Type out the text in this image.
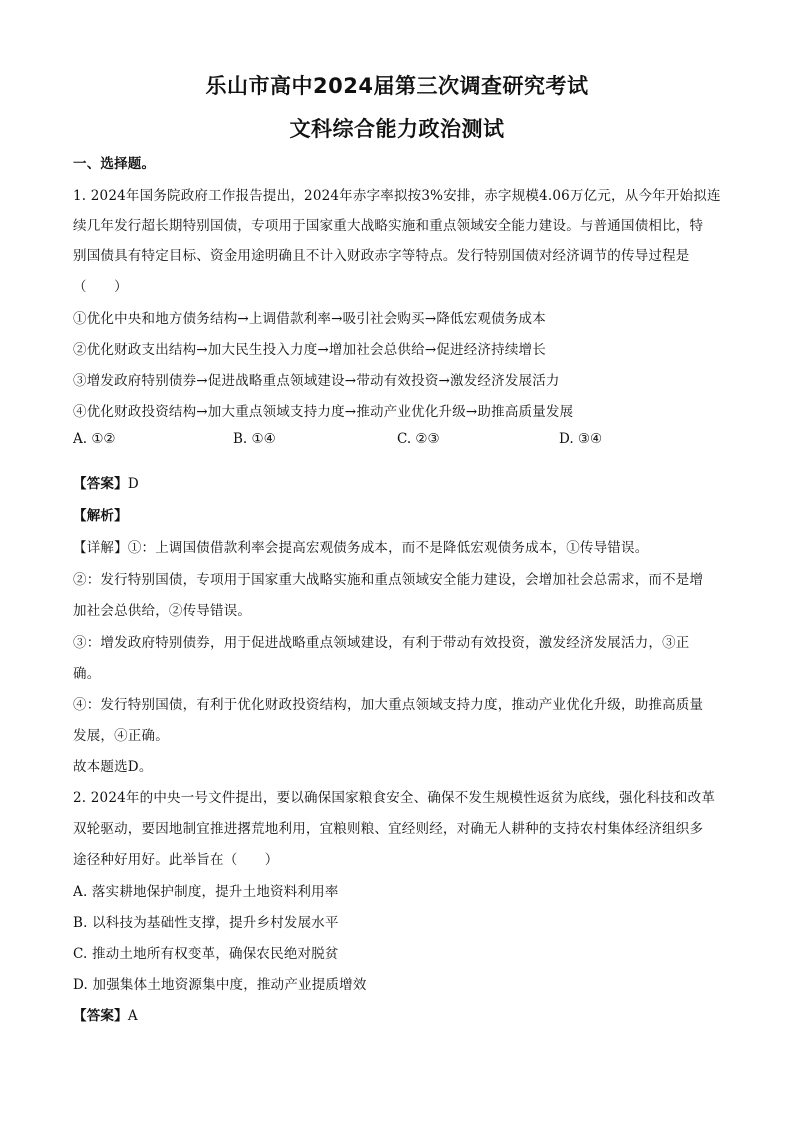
乐山市高中2024届第三次调查研究考试
文科综合能力政治测试
一、选择题。
1. 2024年国务院政府工作报告提出，2024年赤字率拟按3%安排，赤字规模4.06万亿元，从今年开始拟连
续几年发行超长期特别国债，专项用于国家重大战略实施和重点领域安全能力建设。与普通国债相比，特
别国债具有特定目标、资金用途明确且不计入财政赤字等特点。发行特别国债对经济调节的传导过程是
（　　）
①优化中央和地方债务结构→上调借款利率→吸引社会购买→降低宏观债务成本
②优化财政支出结构→加大民生投入力度→增加社会总供给→促进经济持续增长
③增发政府特别债券→促进战略重点领域建设→带动有效投资→激发经济发展活力
④优化财政投资结构→加大重点领域支持力度→推动产业优化升级→助推高质量发展
A. ①②	B. ①④	C. ②③	D. ③④
【答案】D
【解析】
【详解】①：上调国债借款利率会提高宏观债务成本，而不是降低宏观债务成本，①传导错误。
②：发行特别国债，专项用于国家重大战略实施和重点领域安全能力建设，会增加社会总需求，而不是增
加社会总供给，②传导错误。
③：增发政府特别债券，用于促进战略重点领域建设，有利于带动有效投资，激发经济发展活力，③正
确。
④：发行特别国债，有利于优化财政投资结构，加大重点领域支持力度，推动产业优化升级，助推高质量
发展，④正确。
故本题选D。
2. 2024年的中央一号文件提出，要以确保国家粮食安全、确保不发生规模性返贫为底线，强化科技和改革
双轮驱动，要因地制宜推进撂荒地利用，宜粮则粮、宜经则经，对确无人耕种的支持农村集体经济组织多
途径种好用好。此举旨在（　　）
A. 落实耕地保护制度，提升土地资料利用率
B. 以科技为基础性支撑，提升乡村发展水平
C. 推动土地所有权变革，确保农民绝对脱贫
D. 加强集体土地资源集中度，推动产业提质增效
【答案】A
